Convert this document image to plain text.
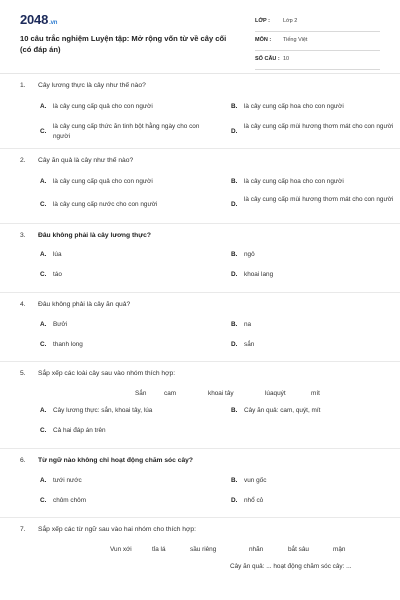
2048.vn
10 câu trắc nghiệm Luyện tập: Mở rộng vốn từ về cây cối (có đáp án)
LỚP : Lớp 2
MÔN : Tiếng Việt
SỐ CÂU : 10
1. Cây lương thực là cây như thế nào?
A. là cây cung cấp quả cho con người	B. là cây cung cấp hoa cho con người
C.
là cây cung cấp thức ăn tinh bột hằng ngày cho con người
D.
là cây cung cấp mùi hương thơm mát cho con người
2. Cây ăn quả là cây như thế nào?
A. là cây cung cấp quả cho con người	B. là cây cung cấp hoa cho con người
C. là cây cung cấp nước cho con người	D.
là cây cung cấp mùi hương thơm mát cho con người
3. Đâu không phải là cây lương thực?
A. lúa	B. ngô
C. táo	D. khoai lang
4. Đâu không phải là cây ăn quả?
A. Bưởi	B. na
C. thanh long	D. sắn
5. Sắp xếp các loài cây sau vào nhóm thích hợp:
Sắn	cam	khoai tây	lúaquýt	mít
A. Cây lương thực: sắn, khoai tây, lúa	B. Cây ăn quả: cam, quýt, mít
C. Cả hai đáp án trên
6. Từ ngữ nào không chỉ hoạt động chăm sóc cây?
A. tưới nước	B. vun gốc
C. chôm chôm	D. nhổ cỏ
7. Sắp xếp các từ ngữ sau vào hai nhóm cho thích hợp:
Vun xới	tỉa lá	sầu riêng	nhãn	bắt sâu	mận
Cây ăn quả: ... hoạt động chăm sóc cây: ...
